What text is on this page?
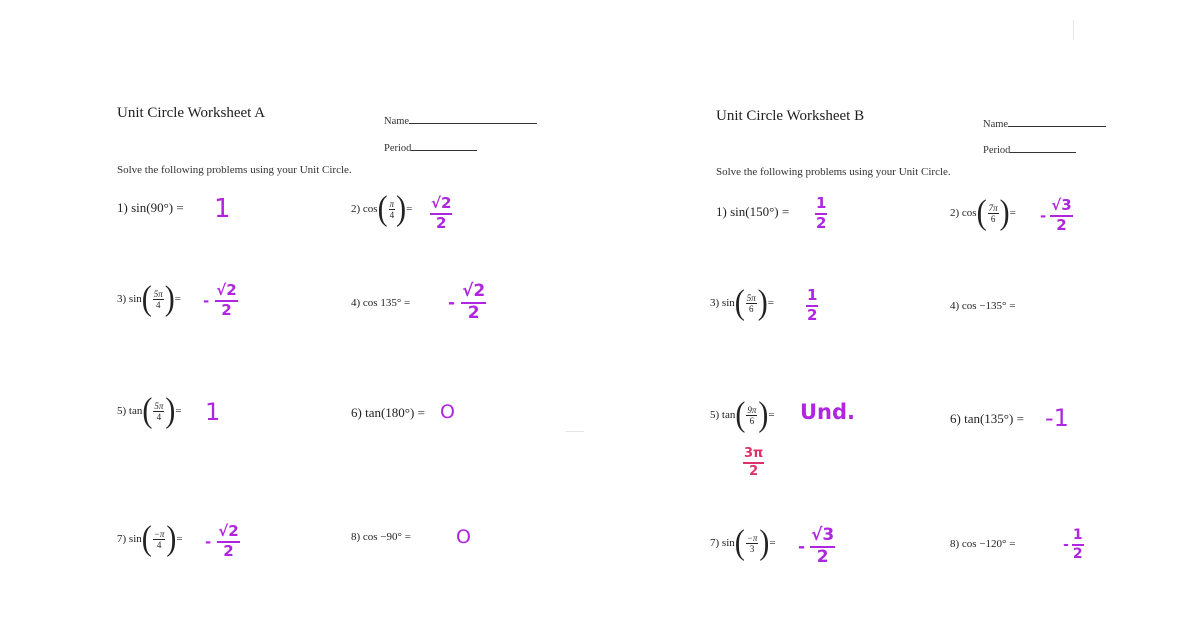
Unit Circle Worksheet A
Name
Period
Solve the following problems using your Unit Circle.
1) sin(90°) = 1	2)
cos ( $\frac{\pi}{4}$ ) = $\frac{√2}{2}$
3)
sin ( $\frac{5\pi}{4}$ ) = - $\frac{√2}{2}$	4) cos 135° = - $\frac{√2}{2}$
5)
tan ( $\frac{5\pi}{4}$ ) = 1	6) tan(180°) = O
7)
sin ( $\frac{-\pi}{4}$ ) = - $\frac{√2}{2}$	8) cos −90° = O
Unit Circle Worksheet B
Name
Period
Solve the following problems using your Unit Circle.
1) $\sin(150^\circ) = \frac{1}{2}$	2)
cos ( $\frac{7\pi}{6}$ ) = - $\frac{√3}{2}$
3)
sin ( $\frac{5\pi}{6}$ ) = $\frac{1}{2}$	4) cos −135° =
5)
tan ( $\frac{9\pi}{6}$ ) = Und.
$\frac{3\pi}{2}$
6) tan(135°) = -1
7)
sin ( $\frac{-\pi}{3}$ ) = - $\frac{√3}{2}$	8) cos −120° =	- $\frac{1}{2}$
